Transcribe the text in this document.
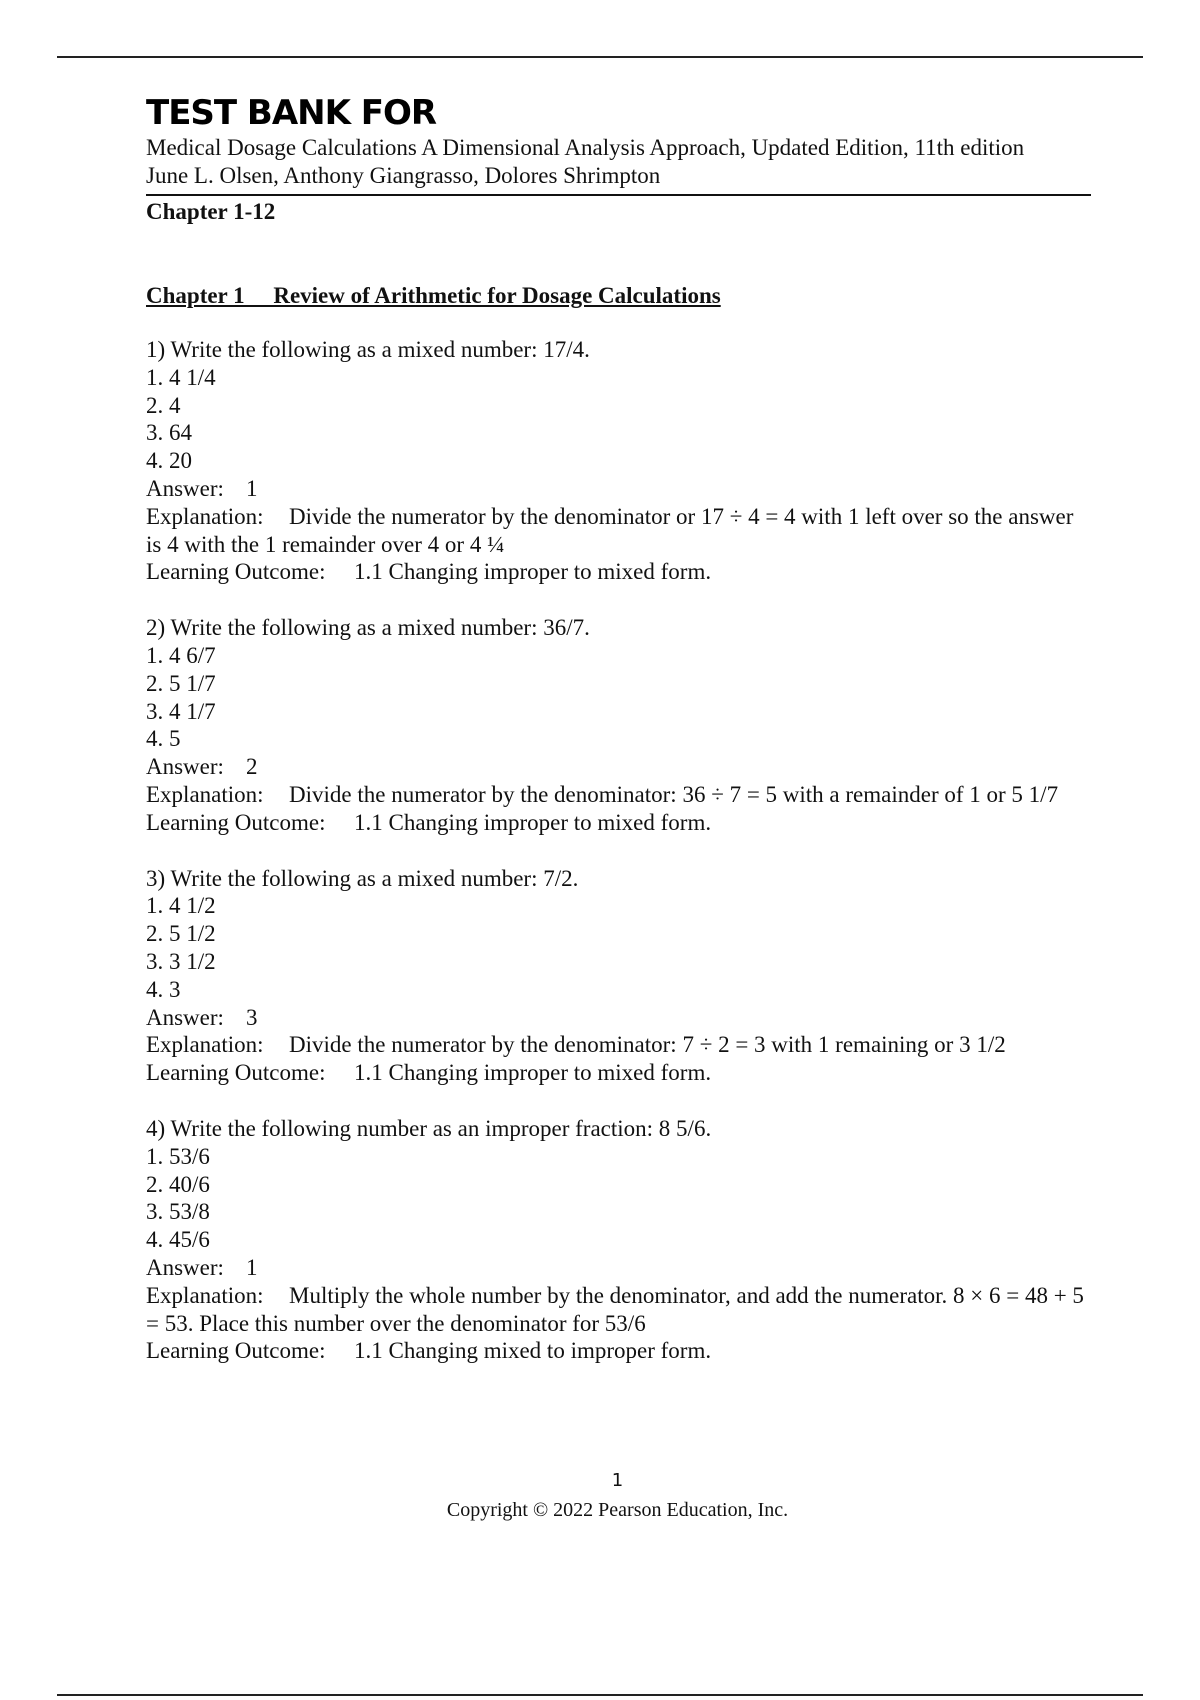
TEST BANK FOR

Medical Dosage Calculations A Dimensional Analysis Approach, Updated Edition, 11th edition

June L. Olsen, Anthony Giangrasso, Dolores Shrimpton

Chapter 1-12

Chapter 1     Review of Arithmetic for Dosage Calculations

1) Write the following as a mixed number: 17/4.

1. 4 1/4

2. 4

3. 64

4. 20

Answer: 1

Explanation: Divide the numerator by the denominator or 17 ÷ 4 = 4 with 1 left over so the answer is 4 with the 1 remainder over 4 or 4 ¼

Learning Outcome: 1.1 Changing improper to mixed form.

2) Write the following as a mixed number: 36/7.

1. 4 6/7

2. 5 1/7

3. 4 1/7

4. 5

Answer: 2

Explanation: Divide the numerator by the denominator: 36 ÷ 7 = 5 with a remainder of 1 or 5 1/7

Learning Outcome: 1.1 Changing improper to mixed form.

3) Write the following as a mixed number: 7/2.

1. 4 1/2

2. 5 1/2

3. 3 1/2

4. 3

Answer: 3

Explanation: Divide the numerator by the denominator: 7 ÷ 2 = 3 with 1 remaining or 3 1/2

Learning Outcome: 1.1 Changing improper to mixed form.

4) Write the following number as an improper fraction: 8 5/6.

1. 53/6

2. 40/6

3. 53/8

4. 45/6

Answer: 1

Explanation: Multiply the whole number by the denominator, and add the numerator. 8 × 6 = 48 + 5 = 53. Place this number over the denominator for 53/6

Learning Outcome: 1.1 Changing mixed to improper form.

1
Copyright © 2022 Pearson Education, Inc.
